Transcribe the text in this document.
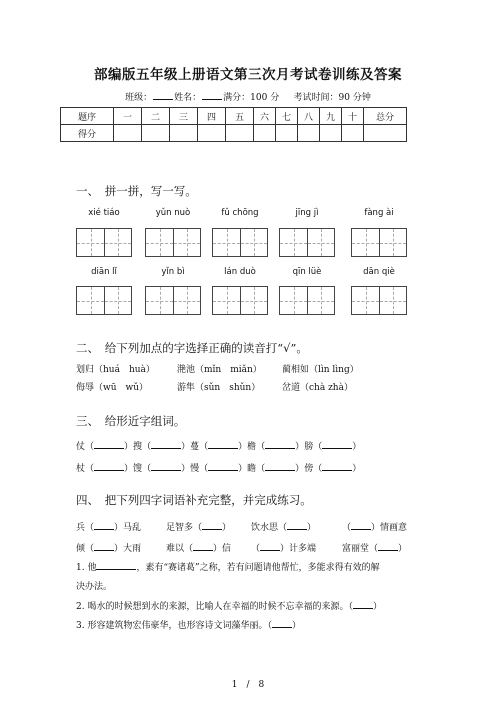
部编版五年级上册语文第三次月考试卷训练及答案
班级： 姓名： 满分：100 分 考试时间：90 分钟
题序	一	二	三	四	五	六	七	八	九	十	总分
得分											
一、　拼一拼，写一写。
xié tiáo	yǔn nuò	fǔ chōng	jīng jì	fàng ài
diān lǐ	yǐn bì	lán duò	qīn lüè	dān qiè
二、　给下列加点的字选择正确的读音打“√”。
划归（huá　huà） 滟池（mǐn　miǎn） 蔺相如（lìn lìng）
侮辱（wū　wǔ）	游隼（sǔn　shǔn） 岔道（chà zhà）
三、　给形近字组词。
仗（	）搜（	）蔓（	）檐（	）膀（	）
杖（	）馊（	）慢（	）瞻（	）傍（	）
四、　把下列四字词语补充完整，并完成练习。
兵（ ）马乱	足智多（ ） 饮水思（ ）	（ ）情画意
倾（ ）大雨	难以（ ）信 （ ）计多端	富丽堂（ ）
1. 他	，素有“赛诸葛”之称，若有问题请他帮忙，多能求得有效的解
决办法。
2. 喝水的时候想到水的来源，比喻人在幸福的时候不忘幸福的来源。（ ）
3. 形容建筑物宏伟豪华，也形容诗文词藻华丽。（ ）
1　/　8
